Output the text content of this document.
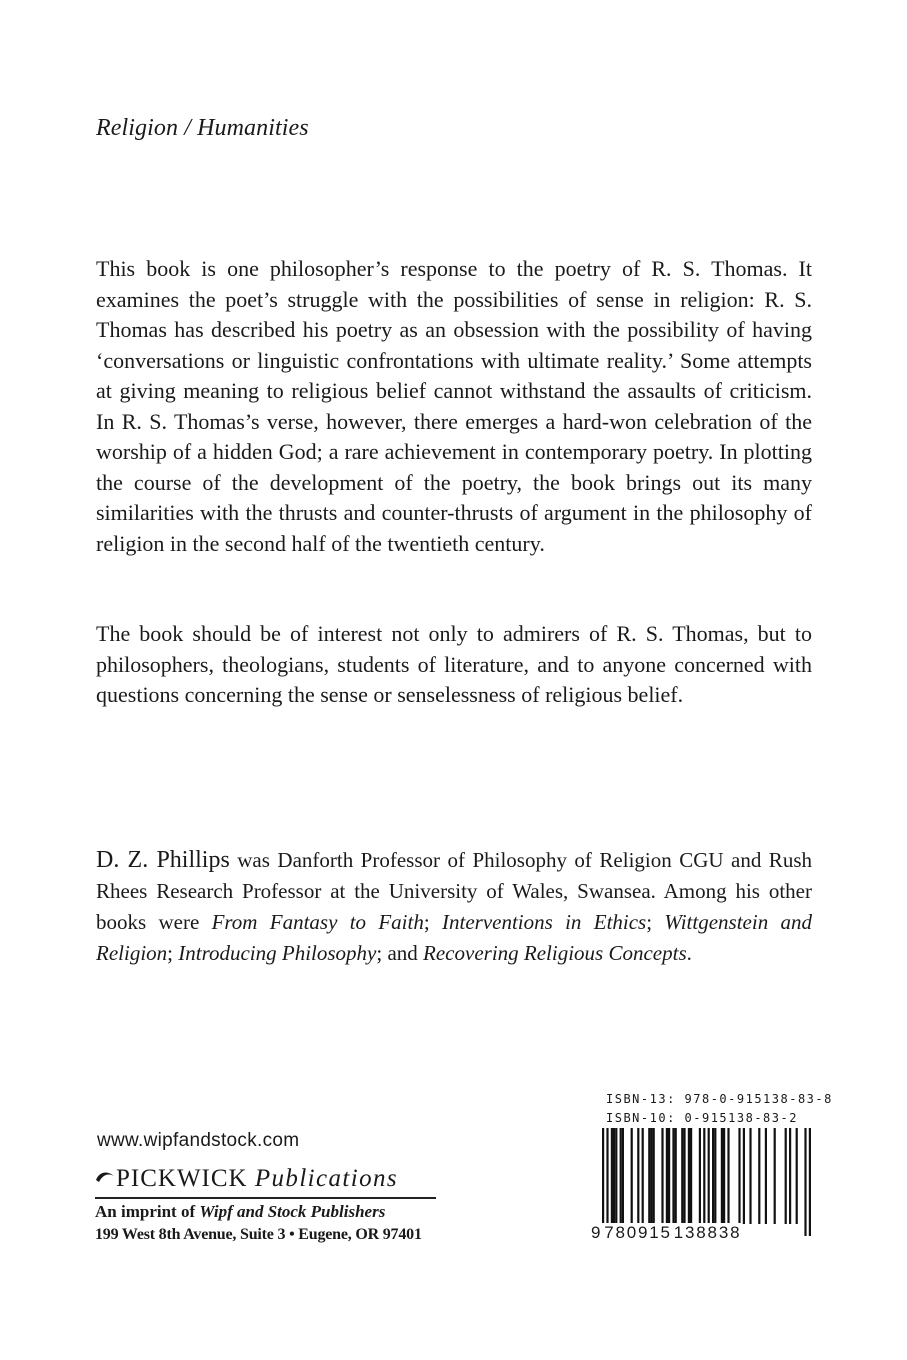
Religion / Humanities

This book is one philosopher’s response to the poetry of R. S. Thomas. It examines the poet’s struggle with the possibilities of sense in religion: R. S. Thomas has described his poetry as an obsession with the possibility of having ‘conversations or linguistic confrontations with ultimate reality.’ Some attempts at giving meaning to religious belief cannot withstand the assaults of criticism. In R. S. Thomas’s verse, however, there emerges a hard-won celebration of the worship of a hidden God; a rare achievement in contemporary poetry. In plotting the course of the development of the poetry, the book brings out its many similarities with the thrusts and counter-thrusts of argument in the philosophy of religion in the second half of the twentieth century.

The book should be of interest not only to admirers of R. S. Thomas, but to philosophers, theologians, students of literature, and to anyone concerned with questions concerning the sense or senselessness of religious belief.

D. Z. Phillips was Danforth Professor of Philosophy of Religion CGU and Rush Rhees Research Professor at the University of Wales, Swansea. Among his other books were From Fantasy to Faith; Interventions in Ethics; Wittgenstein and Religion; Introducing Philosophy; and Recovering Religious Concepts.

www.wipfandstock.com
PICKWICK Publications
An imprint of Wipf and Stock Publishers
199 West 8th Avenue, Suite 3 • Eugene, OR 97401
ISBN-13: 978-0-915138-83-8
ISBN-10: 0-915138-83-2
9 780915 138838
